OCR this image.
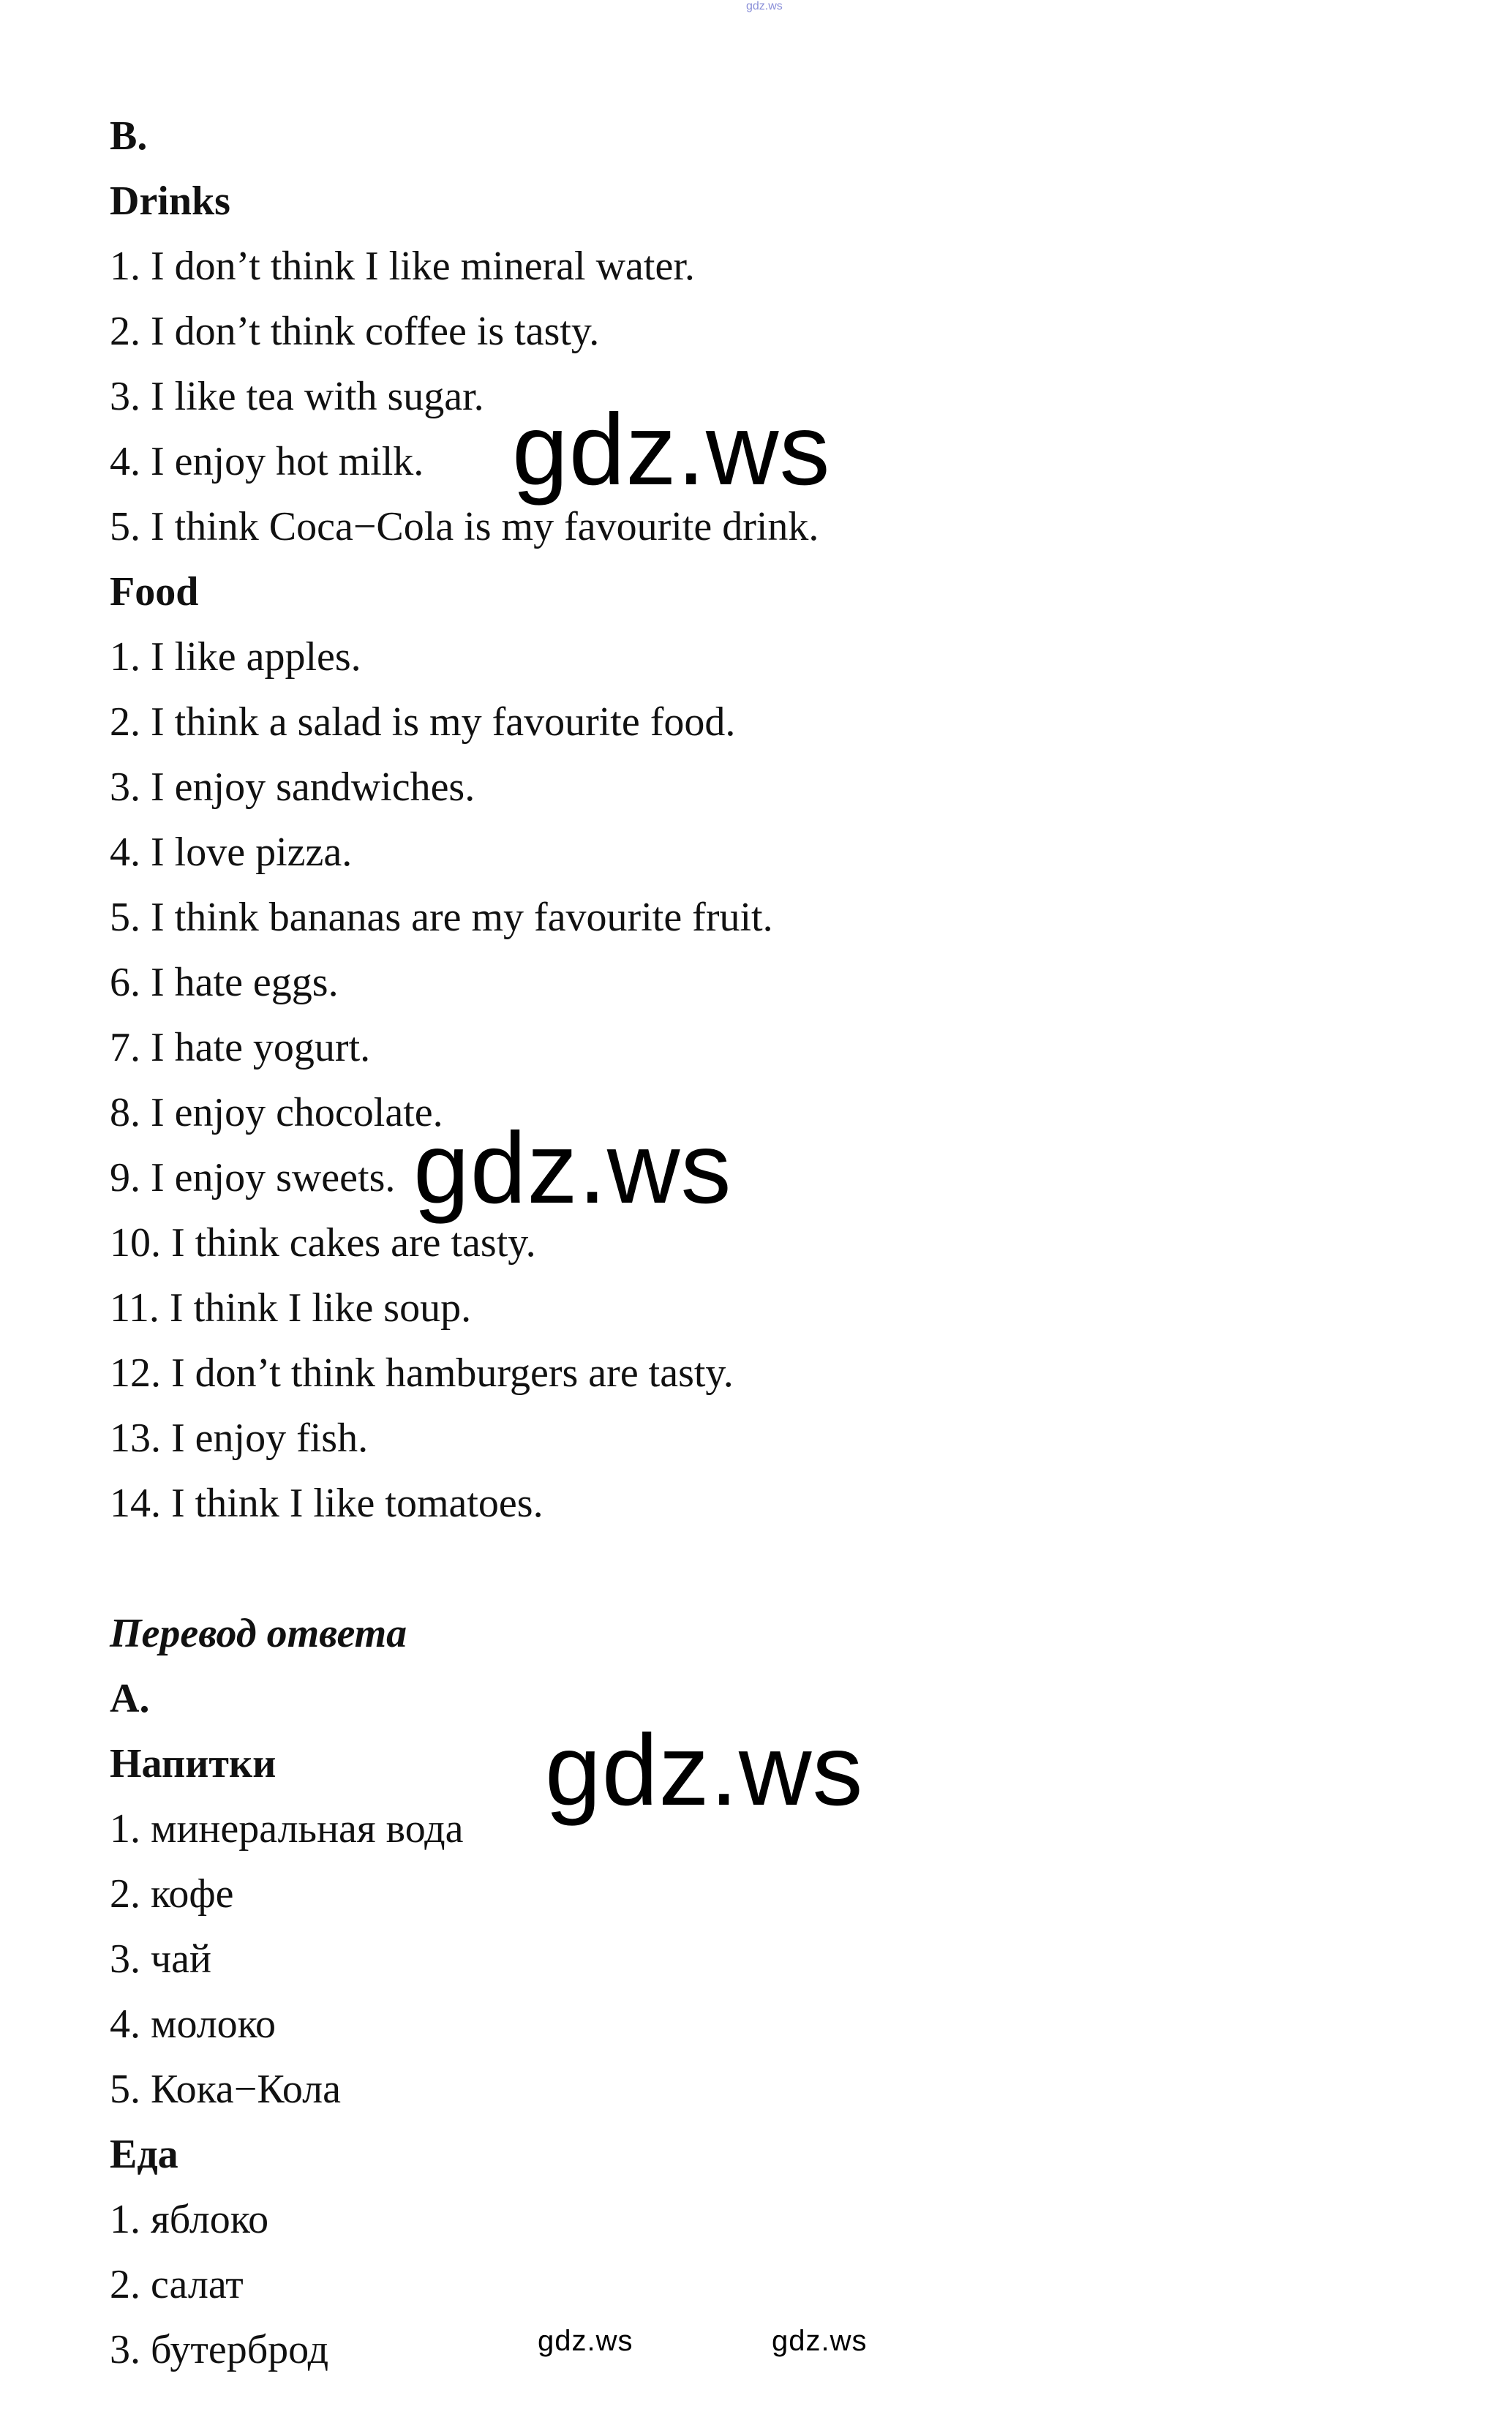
gdz.ws
B.
Drinks
1. I don’t think I like mineral water.
2. I don’t think coffee is tasty.
3. I like tea with sugar.
4. I enjoy hot milk.
5. I think Coca−Cola is my favourite drink.
Food
1. I like apples.
2. I think a salad is my favourite food.
3. I enjoy sandwiches.
4. I love pizza.
5. I think bananas are my favourite fruit.
6. I hate eggs.
7. I hate yogurt.
8. I enjoy chocolate.
9. I enjoy sweets.
10. I think cakes are tasty.
11. I think I like soup.
12. I don’t think hamburgers are tasty.
13. I enjoy fish.
14. I think I like tomatoes.
Перевод ответа
A.
Напитки
1. минеральная вода
2. кофе
3. чай
4. молоко
5. Кока−Кола
Еда
1. яблоко
2. салат
3. бутерброд
gdz.ws
gdz.ws
gdz.ws
gdz.ws	gdz.ws
